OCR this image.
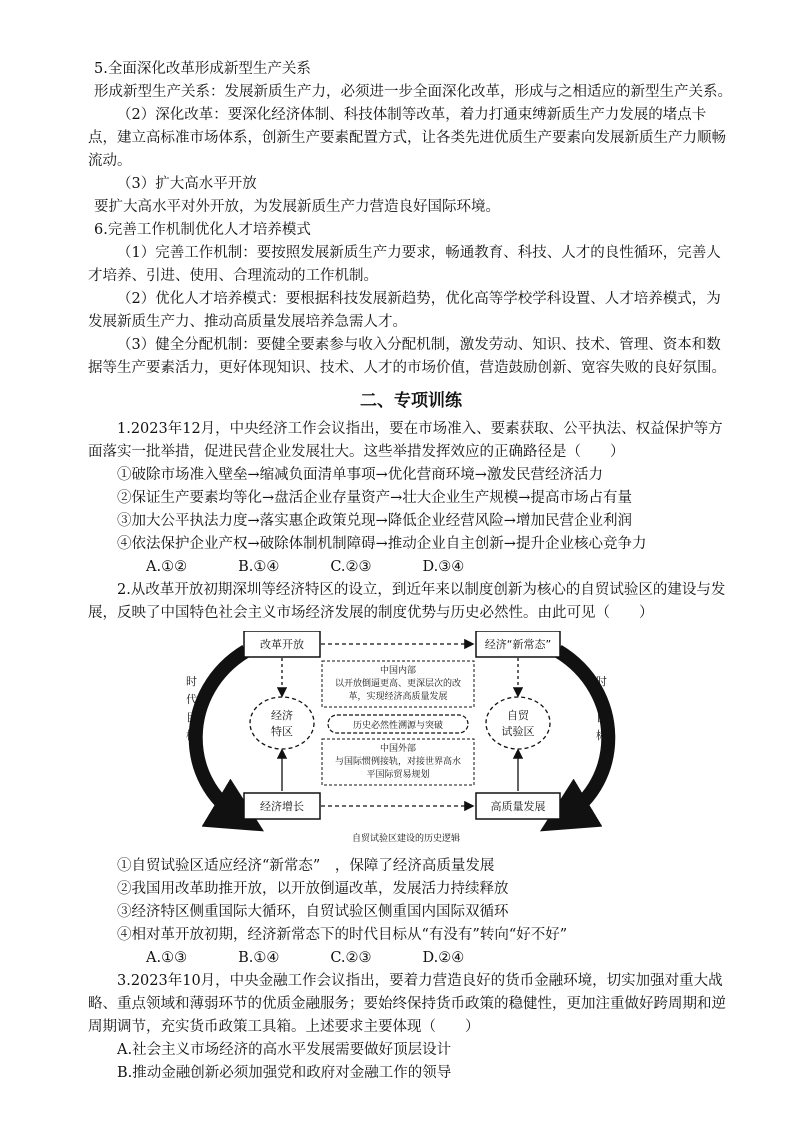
5.全面深化改革形成新型生产关系

形成新型生产关系：发展新质生产力，必须进一步全面深化改革，形成与之相适应的新型生产关系。

（2）深化改革：要深化经济体制、科技体制等改革，着力打通束缚新质生产力发展的堵点卡点，建立高标准市场体系，创新生产要素配置方式，让各类先进优质生产要素向发展新质生产力顺畅流动。

（3）扩大高水平开放

要扩大高水平对外开放，为发展新质生产力营造良好国际环境。

6.完善工作机制优化人才培养模式

（1）完善工作机制：要按照发展新质生产力要求，畅通教育、科技、人才的良性循环，完善人才培养、引进、使用、合理流动的工作机制。

（2）优化人才培养模式：要根据科技发展新趋势，优化高等学校学科设置、人才培养模式，为发展新质生产力、推动高质量发展培养急需人才。

（3）健全分配机制：要健全要素参与收入分配机制，激发劳动、知识、技术、管理、资本和数据等生产要素活力，更好体现知识、技术、人才的市场价值，营造鼓励创新、宽容失败的良好氛围。

二、专项训练

1.2023年12月，中央经济工作会议指出，要在市场准入、要素获取、公平执法、权益保护等方面落实一批举措，促进民营企业发展壮大。这些举措发挥效应的正确路径是（　　）

①破除市场准入壁垒→缩减负面清单事项→优化营商环境→激发民营经济活力

②保证生产要素均等化→盘活企业存量资产→壮大企业生产规模→提高市场占有量

③加大公平执法力度→落实惠企政策兑现→降低企业经营风险→增加民营企业利润

④依法保护企业产权→破除体制机制障碍→推动企业自主创新→提升企业核心竞争力

A.①②	B.①④	C.②③	D.③④

2.从改革开放初期深圳等经济特区的设立，到近年来以制度创新为核心的自贸试验区的建设与发展，反映了中国特色社会主义市场经济发展的制度优势与历史必然性。由此可见（　　）

时
代
目
标
时
代
目
标
改革开放	经济“新常态”
经济增长	高质量发展
经济
特区
自贸
试验区
中国内部
以开放倒逼更高、更深层次的改
革，实现经济高质量发展
历史必然性溯源与突破
中国外部
与国际惯例接轨，对接世界高水
平国际贸易规划
自贸试验区建设的历史逻辑

①自贸试验区适应经济“新常态”　，保障了经济高质量发展

②我国用改革助推开放，以开放倒逼改革，发展活力持续释放

③经济特区侧重国际大循环，自贸试验区侧重国内国际双循环

④相对革开放初期，经济新常态下的时代目标从“有没有”转向“好不好”

A.①③	B.①④	C.②③	D.②④

3.2023年10月，中央金融工作会议指出，要着力营造良好的货币金融环境，切实加强对重大战略、重点领域和薄弱环节的优质金融服务；要始终保持货币政策的稳健性，更加注重做好跨周期和逆周期调节，充实货币政策工具箱。上述要求主要体现（　　）

A.社会主义市场经济的高水平发展需要做好顶层设计

B.推动金融创新必须加强党和政府对金融工作的领导
